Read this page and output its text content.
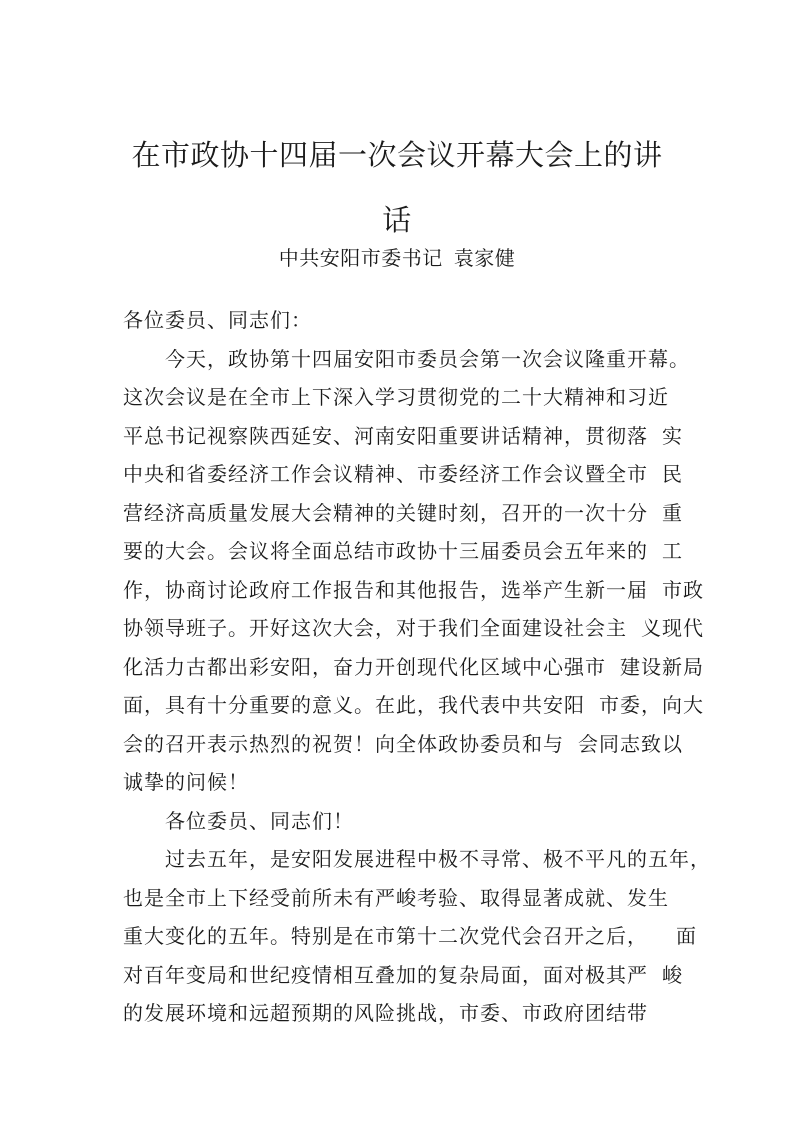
在市政协十四届一次会议开幕大会上的讲
话
中共安阳市委书记  袁家健
各位委员、同志们：
今天，政协第十四届安阳市委员会第一次会议隆重开幕。
这次会议是在全市上下深入学习贯彻党的二十大精神和习近
平总书记视察陕西延安、河南安阳重要讲话精神，贯彻落 实
中央和省委经济工作会议精神、市委经济工作会议暨全市 民
营经济高质量发展大会精神的关键时刻，召开的一次十分 重
要的大会。会议将全面总结市政协十三届委员会五年来的 工
作，协商讨论政府工作报告和其他报告，选举产生新一届 市政
协领导班子。开好这次大会，对于我们全面建设社会主 义现代
化活力古都出彩安阳，奋力开创现代化区域中心强市 建设新局
面，具有十分重要的意义。在此，我代表中共安阳 市委，向大
会的召开表示热烈的祝贺！向全体政协委员和与 会同志致以
诚挚的问候！
各位委员、同志们！
过去五年，是安阳发展进程中极不寻常、极不平凡的五年，
也是全市上下经受前所未有严峻考验、取得显著成就、发生
重大变化的五年。特别是在市第十二次党代会召开之后，  面
对百年变局和世纪疫情相互叠加的复杂局面，面对极其严 峻
的发展环境和远超预期的风险挑战，市委、市政府团结带
